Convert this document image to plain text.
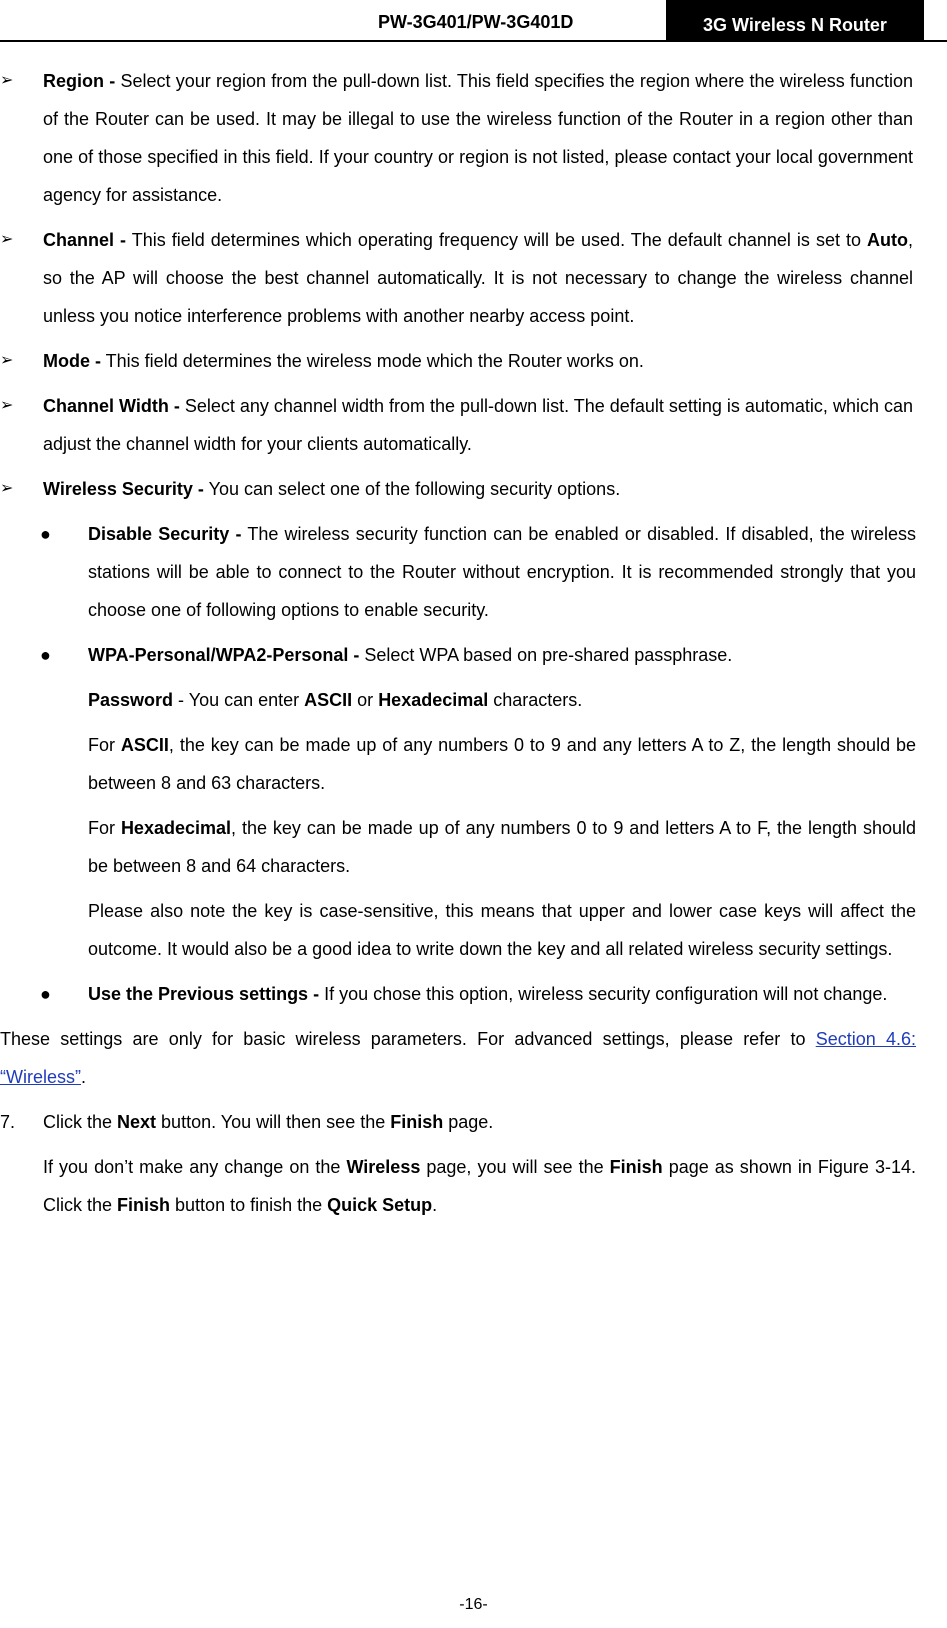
PW-3G401/PW-3G401D	3G Wireless N Router
➢	Region - Select your region from the pull-down list. This field specifies the region where the wireless function of the Router can be used. It may be illegal to use the wireless function of the Router in a region other than one of those specified in this field. If your country or region is not listed, please contact your local government agency for assistance.
➢	Channel - This field determines which operating frequency will be used. The default channel is set to Auto, so the AP will choose the best channel automatically. It is not necessary to change the wireless channel unless you notice interference problems with another nearby access point.
➢	Mode - This field determines the wireless mode which the Router works on.
➢	Channel Width - Select any channel width from the pull-down list. The default setting is automatic, which can adjust the channel width for your clients automatically.
➢	Wireless Security - You can select one of the following security options.
● Disable Security - The wireless security function can be enabled or disabled. If disabled, the wireless stations will be able to connect to the Router without encryption. It is recommended strongly that you choose one of following options to enable security.
● WPA-Personal/WPA2-Personal - Select WPA based on pre-shared passphrase.
Password - You can enter ASCII or Hexadecimal characters.
For ASCII, the key can be made up of any numbers 0 to 9 and any letters A to Z, the length should be between 8 and 63 characters.
For Hexadecimal, the key can be made up of any numbers 0 to 9 and letters A to F, the length should be between 8 and 64 characters.
Please also note the key is case-sensitive, this means that upper and lower case keys will affect the outcome. It would also be a good idea to write down the key and all related wireless security settings.
● Use the Previous settings - If you chose this option, wireless security configuration will not change.
These settings are only for basic wireless parameters. For advanced settings, please refer to Section 4.6: “Wireless”.
7. Click the Next button. You will then see the Finish page.
If you don’t make any change on the Wireless page, you will see the Finish page as shown in Figure 3-14. Click the Finish button to finish the Quick Setup.
-16-
